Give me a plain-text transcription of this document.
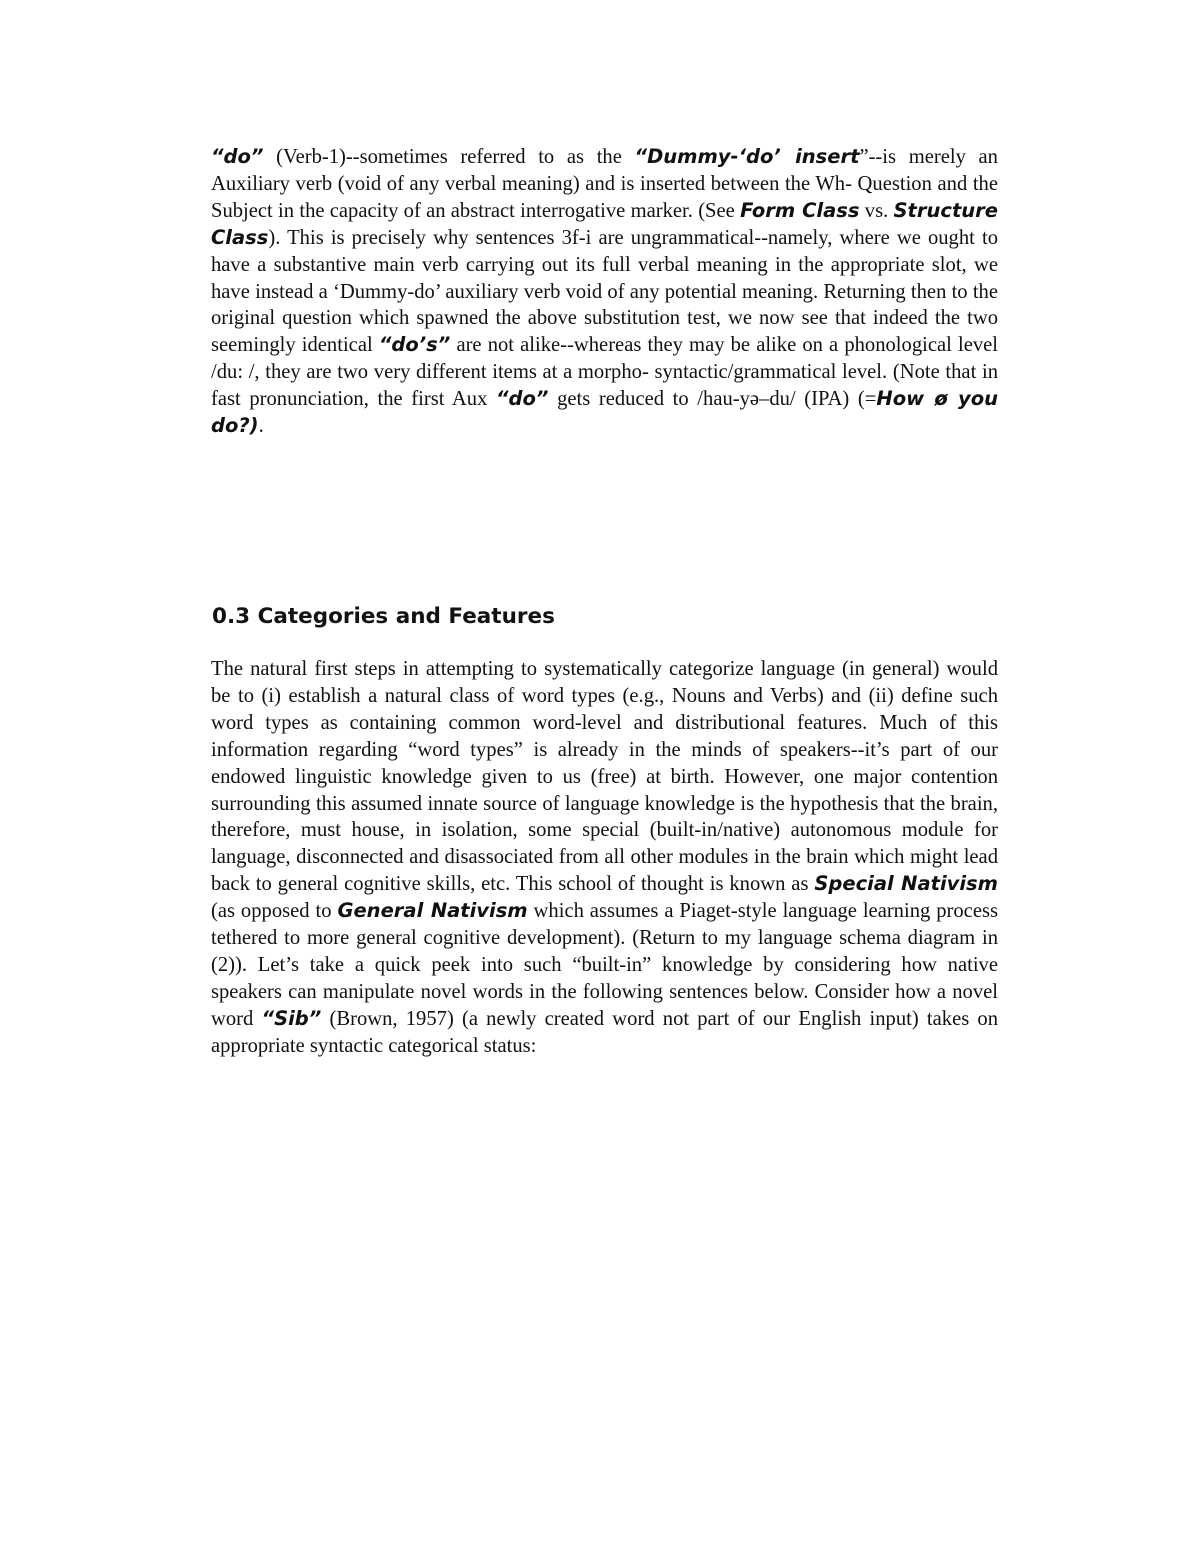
“do” (Verb-1)--sometimes referred to as the “Dummy-‘do’ insert”--is merely an Auxiliary verb (void of any verbal meaning) and is inserted between the Wh- Question and the Subject in the capacity of an abstract interrogative marker. (See Form Class vs. Structure Class). This is precisely why sentences 3f-i are ungrammatical--namely, where we ought to have a substantive main verb carrying out its full verbal meaning in the appropriate slot, we have instead a ‘Dummy-do’ auxiliary verb void of any potential meaning. Returning then to the original question which spawned the above substitution test, we now see that indeed the two seemingly identical “do’s” are not alike--whereas they may be alike on a phonological level /du: /, they are two very different items at a morpho- syntactic/grammatical level. (Note that in fast pronunciation, the first Aux “do” gets reduced to /hau-yə–du/ (IPA) (=How ø you do?).

0.3 Categories and Features

The natural first steps in attempting to systematically categorize language (in general) would be to (i) establish a natural class of word types (e.g., Nouns and Verbs) and (ii) define such word types as containing common word-level and distributional features. Much of this information regarding “word types” is already in the minds of speakers--it’s part of our endowed linguistic knowledge given to us (free) at birth. However, one major contention surrounding this assumed innate source of language knowledge is the hypothesis that the brain, therefore, must house, in isolation, some special (built-in/native) autonomous module for language, disconnected and disassociated from all other modules in the brain which might lead back to general cognitive skills, etc. This school of thought is known as Special Nativism (as opposed to General Nativism which assumes a Piaget-style language learning process tethered to more general cognitive development). (Return to my language schema diagram in (2)). Let’s take a quick peek into such “built-in” knowledge by considering how native speakers can manipulate novel words in the following sentences below. Consider how a novel word “Sib” (Brown, 1957) (a newly created word not part of our English input) takes on appropriate syntactic categorical status:
